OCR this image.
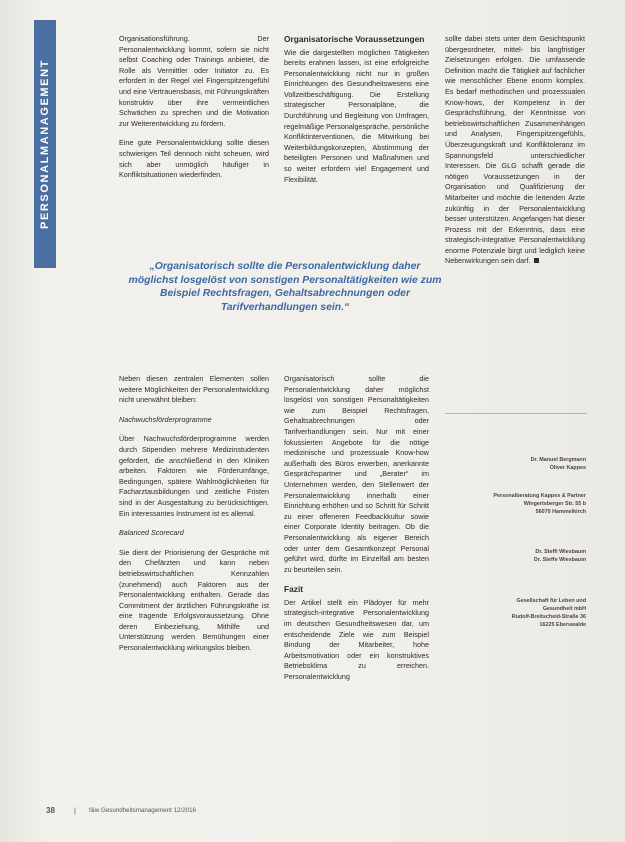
PERSONALMANAGEMENT

Organisationsführung. Der Personalentwicklung kommt, sofern sie nicht selbst Coaching oder Trainings anbietet, die Rolle als Vermittler oder Initiator zu. Es erfordert in der Regel viel Fingerspitzengefühl und eine Vertrauensbasis, mit Führungskräften konstruktiv über ihre vermeintlichen Schwächen zu sprechen und die Motivation zur Weiterentwicklung zu fördern.

Eine gute Personalentwicklung sollte diesen schwierigen Teil dennoch nicht scheuen, wird sich aber unmöglich häufiger in Konfliktsituationen wiederfinden.

Organisatorische Voraussetzungen

Wie die dargestellten möglichen Tätigkeiten bereits erahnen lassen, ist eine erfolgreiche Personalentwicklung nicht nur in großen Einrichtungen des Gesundheitswesens eine Vollzeitbeschäftigung. Die Erstellung strategischer Personalpläne, die Durchführung und Begleitung von Umfragen, regelmäßige Personalgespräche, persönliche Konfliktinterventionen, die Mitwirkung bei Weiterbildungskonzepten, Abstimmung der beteiligten Personen und Maßnahmen und so weiter erfordern viel Engagement und Flexibilität.

sollte dabei stets unter dem Gesichtspunkt übergeordneter, mittel- bis langfristiger Zielsetzungen erfolgen. Die umfassende Definition macht die Tätigkeit auf fachlicher wie menschlicher Ebene enorm komplex. Es bedarf methodischen und prozessualen Know-hows, der Kompetenz in der Gesprächsführung, der Kenntnisse von betriebswirtschaftlichen Zusammenhängen und Analysen, Fingerspitzengefühls, Überzeugungskraft und Konfliktoleranz im Spannungsfeld unterschiedlicher Interessen. Die GLG schafft gerade die nötigen Voraussetzungen in der Organisation und Qualifizierung der Mitarbeiter und möchte die leitenden Ärzte zukünftig in der Personalentwicklung besser unterstützen. Angefangen hat dieser Prozess mit der Erkenntnis, dass eine strategisch-integrative Personalentwicklung enorme Potenziale birgt und lediglich keine Nebenwirkungen sein darf.

„Organisatorisch sollte die Personalentwicklung daher möglichst losgelöst von sonstigen Personaltätigkeiten wie zum Beispiel Rechtsfragen, Gehaltsabrechnungen oder Tarifverhandlungen sein.“

Neben diesen zentralen Elementen sollen weitere Möglichkeiten der Personalentwicklung nicht unerwähnt bleiben:

Nachwuchsförderprogramme

Über Nachwuchsförderprogramme werden durch Stipendien mehrere Medizinstudenten gefördert, die anschließend in den Kliniken arbeiten. Faktoren wie Förderumfänge, Bedingungen, spätere Wahlmöglichkeiten für Facharztausbildungen und zeitliche Fristen sind in der Ausgestaltung zu berücksichtigen. Ein interessantes Instrument ist es allemal.

Balanced Scorecard

Sie dient der Priorisierung der Gespräche mit den Chefärzten und kann neben betriebswirtschaftlichen Kennzahlen (zunehmend) auch Faktoren aus der Personalentwicklung enthalten. Gerade das Commitment der ärztlichen Führungskräfte ist eine tragende Erfolgsvoraussetzung. Ohne deren Einbeziehung, Mithilfe und Unterstützung werden Bemühungen einer Personalentwicklung wirkungslos bleiben.

Organisatorisch sollte die Personalentwicklung daher möglichst losgelöst von sonstigen Personaltätigkeiten wie zum Beispiel Rechtsfragen, Gehaltsabrechnungen oder Tarifverhandlungen sein. Nur mit einer fokussierten Angebote für die nötige medizinische und prozessuale Know-how außerhalb des Büros erwerben, anerkannte Gesprächspartner und „Berater“ im Unternehmen werden, den Stellenwert der Personalentwicklung innerhalb einer Einrichtung erhöhen und so Schritt für Schritt zu einer offeneren Feedbackkultur sowie einer Corporate Identity beitragen. Ob die Personalentwicklung als eigener Bereich oder unter dem Gesamtkonzept Personal geführt wird, dürfte im Einzelfall am besten zu beurteilen sein.

Fazit

Der Artikel stellt ein Plädoyer für mehr strategisch-integrative Personalentwicklung im deutschen Gesundheitswesen dar, um entscheidende Ziele wie zum Beispiel Bindung der Mitarbeiter, hohe Arbeitsmotivation oder ein konstruktives Betriebsklima zu erreichen. Personalentwicklung

Dr. Manuel Bergmann
Oliver Kappes
Personalberatung Kappes & Partner
Wingertsberger Str. 55 b
56070 Hammelkirch
Dr. Steffi Wiesbaum
Dr. Steffe Wiesbaum
Gesellschaft für Leben und
Gesundheit mbH
Rudolf-Breitscheid-Straße 36
16225 Eberswalde
38	| f&w Gesundheitsmanagement 12/2016
